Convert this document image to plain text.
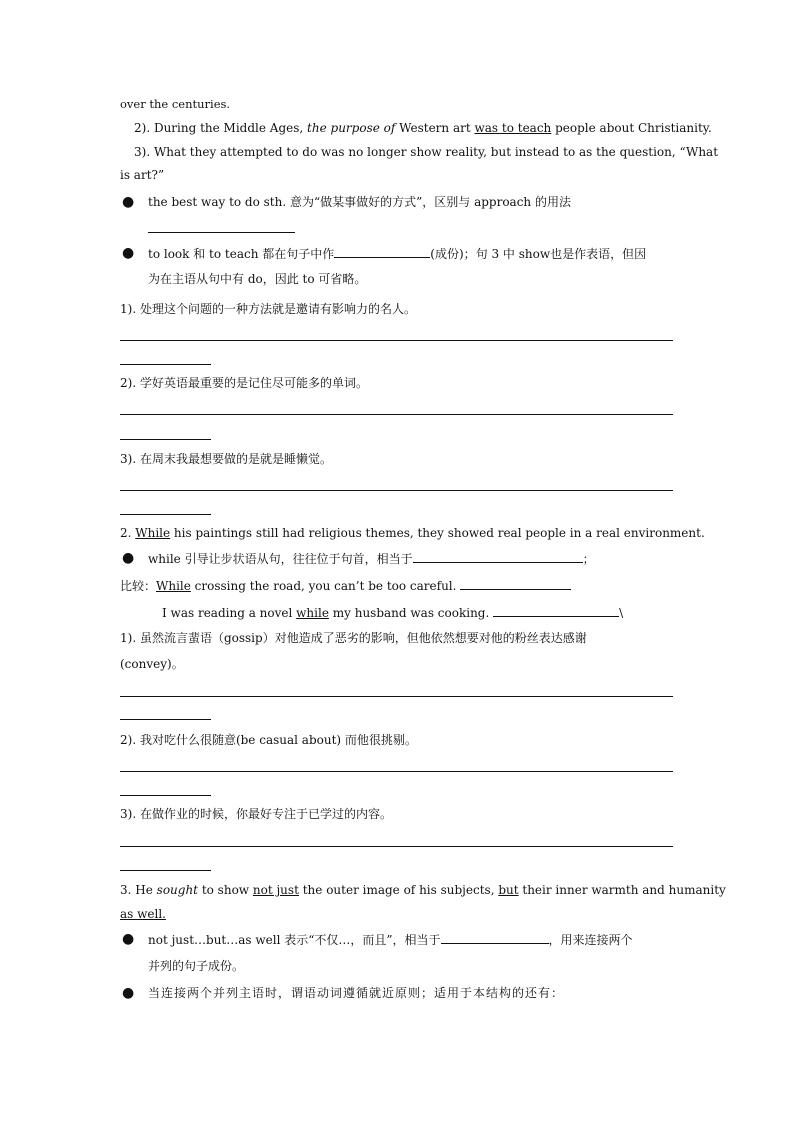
over the centuries.
2). During the Middle Ages, the purpose of Western art was to teach people about Christianity.
3). What they attempted to do was no longer show reality, but instead to as the question, “What
is art?”
● the best way to do sth. 意为“做某事做好的方式”，区别与 approach 的用法
● to look 和 to teach 都在句子中作	(成份)；句 3 中 show也是作表语，但因
为在主语从句中有 do，因此 to 可省略。
1). 处理这个问题的一种方法就是邀请有影响力的名人。
2). 学好英语最重要的是记住尽可能多的单词。
3). 在周末我最想要做的是就是睡懒觉。
2. While his paintings still had religious themes, they showed real people in a real environment.
● while 引导让步状语从句，往往位于句首，相当于	；
比较：While crossing the road, you can’t be too careful.
I was reading a novel while my husband was cooking.	\
1). 虽然流言蜚语（gossip）对他造成了恶劣的影响，但他依然想要对他的粉丝表达感谢
(convey)。
2). 我对吃什么很随意(be casual about) 而他很挑剔。
3). 在做作业的时候，你最好专注于已学过的内容。
3. He sought to show not just the outer image of his subjects, but their inner warmth and humanity
as well.
● not just…but…as well 表示“不仅…，而且”，相当于	，用来连接两个
并列的句子成份。
● 当连接两个并列主语时，谓语动词遵循就近原则；适用于本结构的还有：
